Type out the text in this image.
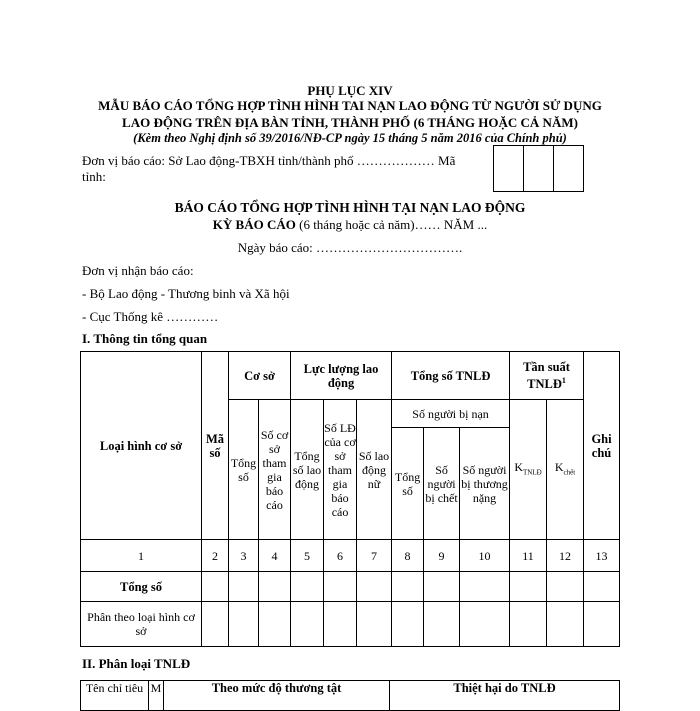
PHỤ LỤC XIV
MẪU BÁO CÁO TỔNG HỢP TÌNH HÌNH TAI NẠN LAO ĐỘNG TỪ NGƯỜI SỬ DỤNG
LAO ĐỘNG TRÊN ĐỊA BÀN TỈNH, THÀNH PHỐ (6 THÁNG HOẶC CẢ NĂM)
(Kèm theo Nghị định số 39/2016/NĐ-CP ngày 15 tháng 5 năm 2016 của Chính phủ)
Đơn vị báo cáo: Sở Lao động-TBXH tỉnh/thành phố ……………… Mã
tỉnh:
BÁO CÁO TỔNG HỢP TÌNH HÌNH TẠI NẠN LAO ĐỘNG
KỲ BÁO CÁO (6 tháng hoặc cả năm)…… NĂM ...
Ngày báo cáo: …………………………….
Đơn vị nhận báo cáo:
- Bộ Lao động - Thương binh và Xã hội
- Cục Thống kê …………
I. Thông tin tổng quan
Loại hình cơ sở	Mã số	Cơ sở		Lực lượng lao động			Tổng số TNLĐ			Tần suất TNLĐ$^1$		Ghi chú
		Tổng số	Số cơ sở tham gia báo cáo	Tổng số lao động	Số LĐ của cơ sở tham gia báo cáo	Số lao động nữ	Số người bị nạn			$K_{TNLĐ}$	$K_{chết}$
							Tổng số	Số người bị chết	Số người bị thương nặng			
1	2	3	4	5	6	7	8	9	10	11	12	13
Tổng số												
Phân theo loại hình cơ sở												
II. Phân loại TNLĐ
Tên chỉ tiêu	M	Theo mức độ thương tật	Thiệt hại do TNLĐ
